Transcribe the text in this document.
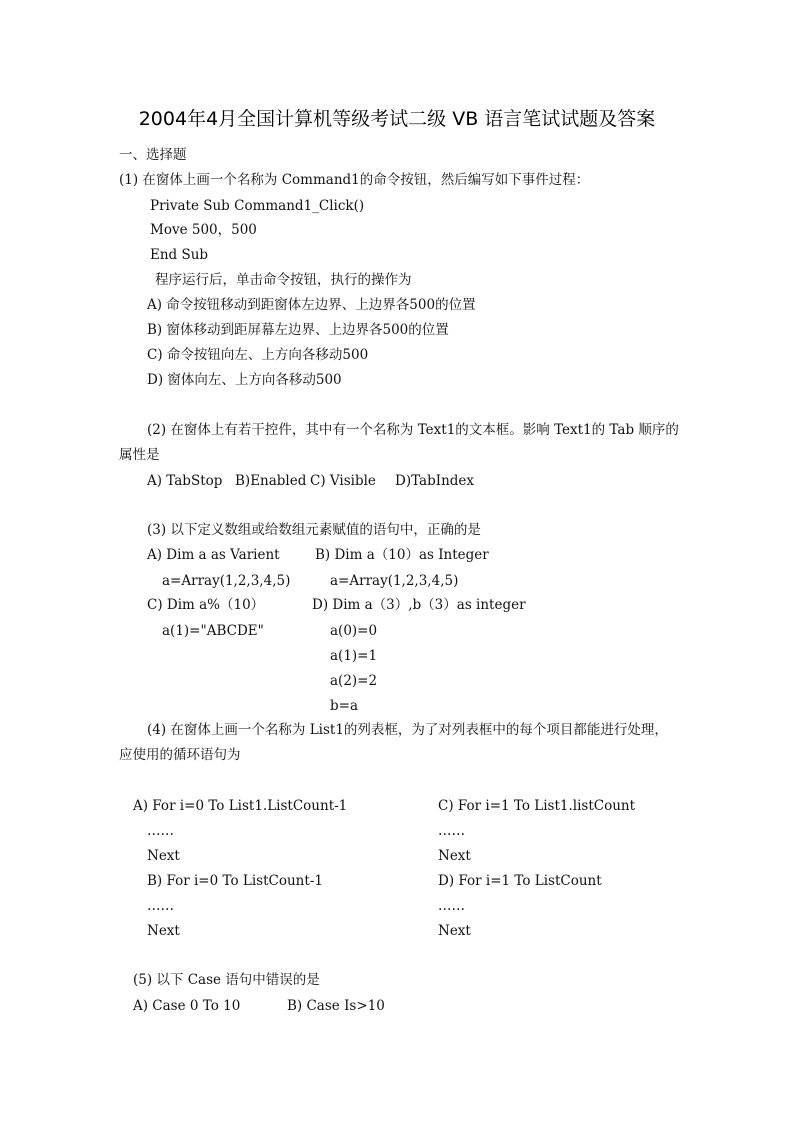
2004年4月全国计算机等级考试二级 VB 语言笔试试题及答案
一、选择题
(1) 在窗体上画一个名称为 Command1的命令按钮，然后编写如下事件过程：
Private Sub Command1_Click()
Move 500，500
End Sub
程序运行后，单击命令按钮，执行的操作为
A) 命令按钮移动到距窗体左边界、上边界各500的位置
B) 窗体移动到距屏幕左边界、上边界各500的位置
C) 命令按钮向左、上方向各移动500
D) 窗体向左、上方向各移动500
(2) 在窗体上有若干控件，其中有一个名称为 Text1的文本框。影响 Text1的 Tab 顺序的
属性是
A) TabStop B)Enabled C) Visible D)TabIndex
(3) 以下定义数组或给数组元素赋值的语句中，正确的是
A) Dim a as Varient
a=Array(1,2,3,4,5)
B) Dim a（10）as Integer
a=Array(1,2,3,4,5)
C) Dim a%（10）
a(1)="ABCDE"
D) Dim a（3）,b（3）as integer
a(0)=0
a(1)=1
a(2)=2
b=a
(4) 在窗体上画一个名称为 List1的列表框，为了对列表框中的每个项目都能进行处理，
应使用的循环语句为
A) For i=0 To List1.ListCount-1
……
Next
B) For i=0 To ListCount-1
……
Next
C) For i=1 To List1.listCount
……
Next
D) For i=1 To ListCount
……
Next
(5) 以下 Case 语句中错误的是
A) Case 0 To 10	B) Case Is>10
